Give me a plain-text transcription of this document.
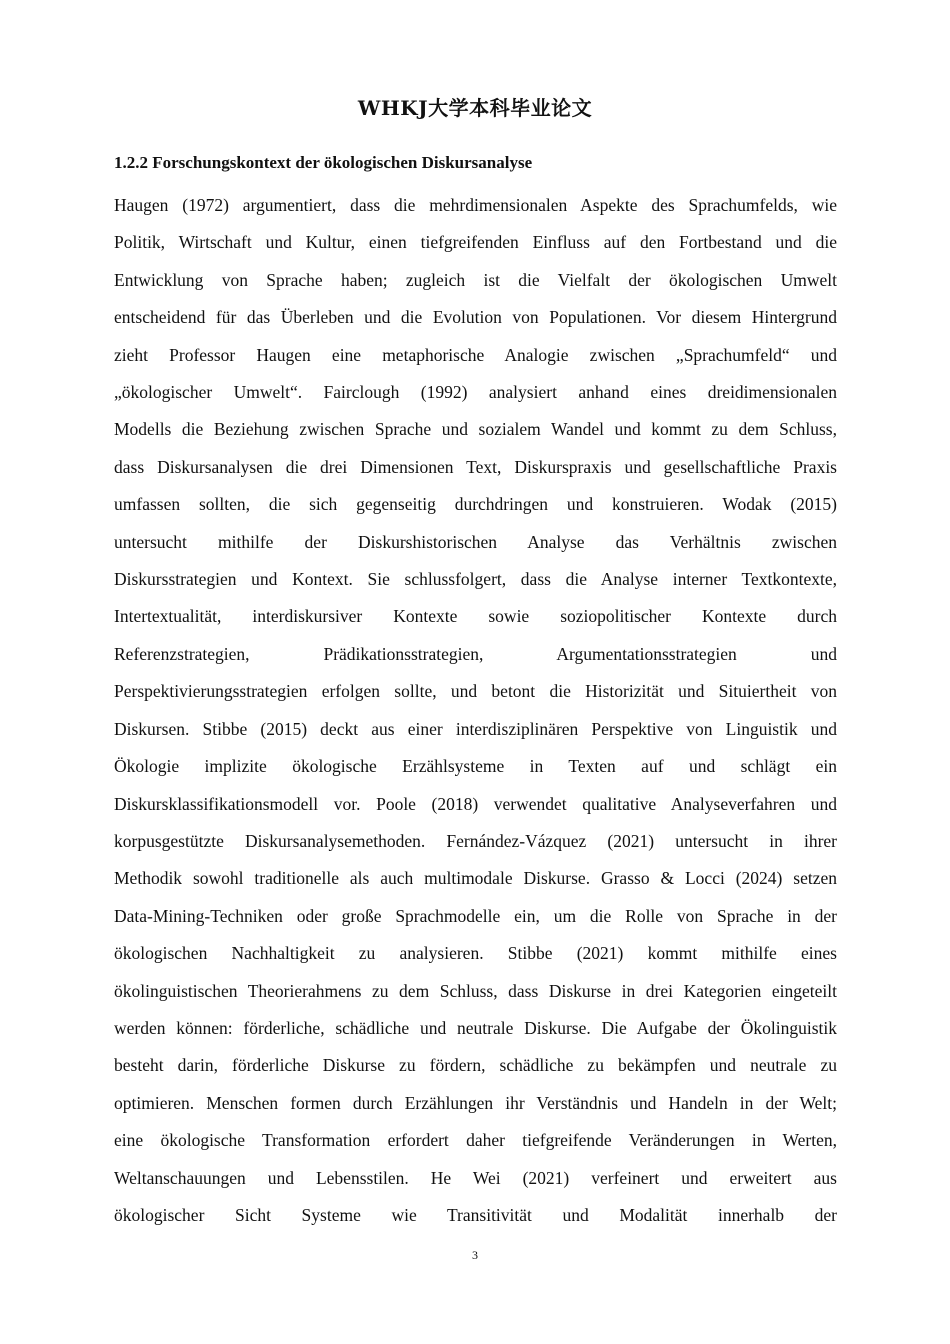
WHKJ大学本科毕业论文
1.2.2 Forschungskontext der ökologischen Diskursanalyse
Haugen (1972) argumentiert, dass die mehrdimensionalen Aspekte des Sprachumfelds, wie
Politik, Wirtschaft und Kultur, einen tiefgreifenden Einfluss auf den Fortbestand und die
Entwicklung von Sprache haben; zugleich ist die Vielfalt der ökologischen Umwelt
entscheidend für das Überleben und die Evolution von Populationen. Vor diesem Hintergrund
zieht Professor Haugen eine metaphorische Analogie zwischen „Sprachumfeld“ und
„ökologischer Umwelt“. Fairclough (1992) analysiert anhand eines dreidimensionalen
Modells die Beziehung zwischen Sprache und sozialem Wandel und kommt zu dem Schluss,
dass Diskursanalysen die drei Dimensionen Text, Diskurspraxis und gesellschaftliche Praxis
umfassen sollten, die sich gegenseitig durchdringen und konstruieren. Wodak (2015)
untersucht mithilfe der Diskurshistorischen Analyse das Verhältnis zwischen
Diskursstrategien und Kontext. Sie schlussfolgert, dass die Analyse interner Textkontexte,
Intertextualität, interdiskursiver Kontexte sowie soziopolitischer Kontexte durch
Referenzstrategien, Prädikationsstrategien, Argumentationsstrategien und
Perspektivierungsstrategien erfolgen sollte, und betont die Historizität und Situiertheit von
Diskursen. Stibbe (2015) deckt aus einer interdisziplinären Perspektive von Linguistik und
Ökologie implizite ökologische Erzählsysteme in Texten auf und schlägt ein
Diskursklassifikationsmodell vor. Poole (2018) verwendet qualitative Analyseverfahren und
korpusgestützte Diskursanalysemethoden. Fernández-Vázquez (2021) untersucht in ihrer
Methodik sowohl traditionelle als auch multimodale Diskurse. Grasso & Locci (2024) setzen
Data-Mining-Techniken oder große Sprachmodelle ein, um die Rolle von Sprache in der
ökologischen Nachhaltigkeit zu analysieren. Stibbe (2021) kommt mithilfe eines
ökolinguistischen Theorierahmens zu dem Schluss, dass Diskurse in drei Kategorien eingeteilt
werden können: förderliche, schädliche und neutrale Diskurse. Die Aufgabe der Ökolinguistik
besteht darin, förderliche Diskurse zu fördern, schädliche zu bekämpfen und neutrale zu
optimieren. Menschen formen durch Erzählungen ihr Verständnis und Handeln in der Welt;
eine ökologische Transformation erfordert daher tiefgreifende Veränderungen in Werten,
Weltanschauungen und Lebensstilen. He Wei (2021) verfeinert und erweitert aus
ökologischer Sicht Systeme wie Transitivität und Modalität innerhalb der
3
